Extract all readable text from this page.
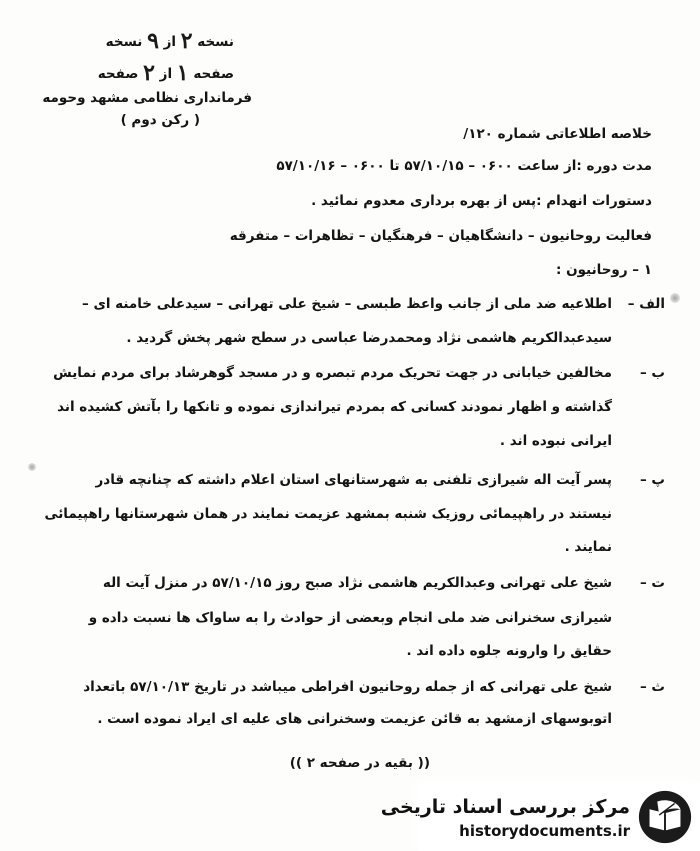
نسخه ۲ از ۹ نسخه
صفحه ۱ از ۲ صفحه
فرمانداری نظامی مشهد وحومه
( رکن دوم )
خلاصه اطلاعاتی شماره ۱۲۰/
مدت دوره :از ساعت ۰۶۰۰ – ۵۷/۱۰/۱۵ تا ۰۶۰۰ – ۵۷/۱۰/۱۶
دستورات انهدام :پس از بهره برداری معدوم نمائید .
فعالیت روحانیون – دانشگاهیان – فرهنگیان – تظاهرات – متفرقه
۱ – روحانیون :
الف –
اطلاعیه ضد ملی از جانب واعظ طبسی – شیخ علی تهرانی – سیدعلی خامنه ای –
سیدعبدالکریم هاشمی نژاد ومحمدرضا عباسی در سطح شهر پخش گردید .
ب –
مخالفین خیابانی در جهت تحریک مردم تبصره و در مسجد گوهرشاد برای مردم نمایش
گذاشته و اظهار نمودند کسانی که بمردم تیراندازی نموده و تانکها را بآتش کشیده اند
ایرانی نبوده اند .
پ –
پسر آیت اله شیرازی تلفنی به شهرستانهای استان اعلام داشته که چنانچه قادر
نیستند در راهپیمائی روزیک شنبه بمشهد عزیمت نمایند در همان شهرستانها راهپیمائی
نمایند .
ت –
شیخ علی تهرانی وعبدالکریم هاشمی نژاد صبح روز ۵۷/۱۰/۱۵ در منزل آیت اله
شیرازی سخنرانی ضد ملی انجام وبعضی از حوادث را به ساواک ها نسبت داده و
حقایق را وارونه جلوه داده اند .
ث –
شیخ علی تهرانی که از جمله روحانیون افراطی میباشد در تاریخ ۵۷/۱۰/۱۳ باتعداد
اتوبوسهای ازمشهد به قائن عزیمت وسخنرانی های علیه ای ایراد نموده است .
(( بقیه در صفحه ۲ ))
مرکز بررسی اسناد تاریخی
historydocuments.ir
